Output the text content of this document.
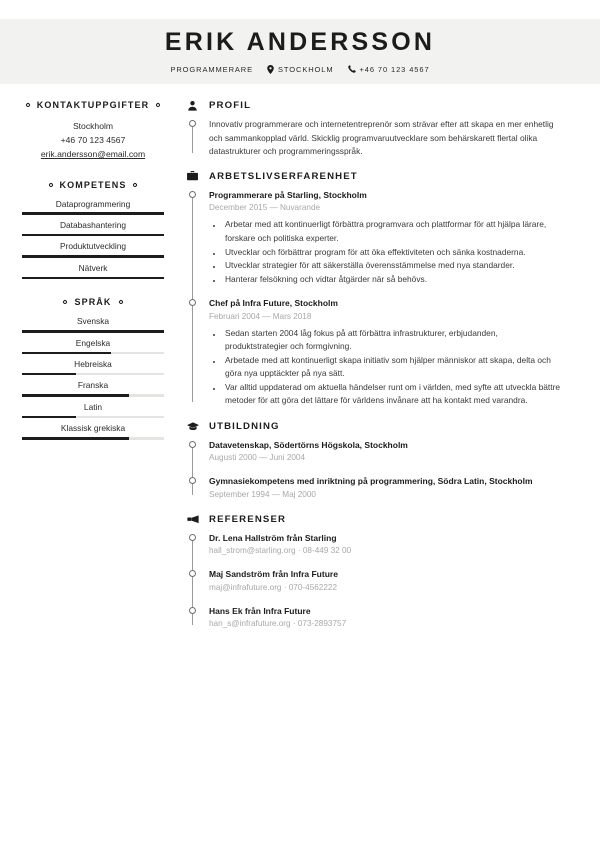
ERIK ANDERSSON
PROGRAMMERARE	STOCKHOLM	+46 70 123 4567
KONTAKTUPPGIFTER
Stockholm
+46 70 123 4567
erik.andersson@email.com
KOMPETENS
Dataprogrammering
Databashantering
Produktutveckling
Nätverk
SPRÅK
Svenska
Engelska
Hebreiska
Franska
Latin
Klassisk grekiska
PROFIL

Innovativ programmerare och internetentreprenör som strävar efter att skapa en mer enhetlig och sammankopplad värld. Skicklig programvaruutvecklare som behärskarett flertal olika datastrukturer och programmeringsspråk.

ARBETSLIVSERFARENHET

Programmerare på Starling, Stockholm

December 2015 — Nuvarande

• Arbetar med att kontinuerligt förbättra programvara och plattformar för att hjälpa lärare, forskare och politiska experter.
• Utvecklar och förbättrar program för att öka effektiviteten och sänka kostnaderna.
• Utvecklar strategier för att säkerställa överensstämmelse med nya standarder.
• Hanterar felsökning och vidtar åtgärder när så behövs.

Chef på Infra Future, Stockholm

Februari 2004 — Mars 2018

• Sedan starten 2004 låg fokus på att förbättra infrastrukturer, erbjudanden, produktstrategier och formgivning.
• Arbetade med att kontinuerligt skapa initiativ som hjälper människor att skapa, delta och göra nya upptäckter på nya sätt.
• Var alltid uppdaterad om aktuella händelser runt om i världen, med syfte att utveckla bättre metoder för att göra det lättare för världens invånare att ha kontakt med varandra.
UTBILDNING

Datavetenskap, Södertörns Högskola, Stockholm

Augusti 2000 — Juni 2004

Gymnasiekompetens med inriktning på programmering, Södra Latin, Stockholm

September 1994 — Maj 2000

REFERENSER

Dr. Lena Hallström från Starling

hall_strom@starling.org · 08-449 32 00

Maj Sandström från Infra Future

maj@infrafuture.org · 070-4562222

Hans Ek från Infra Future

han_s@infrafuture.org · 073-2893757
